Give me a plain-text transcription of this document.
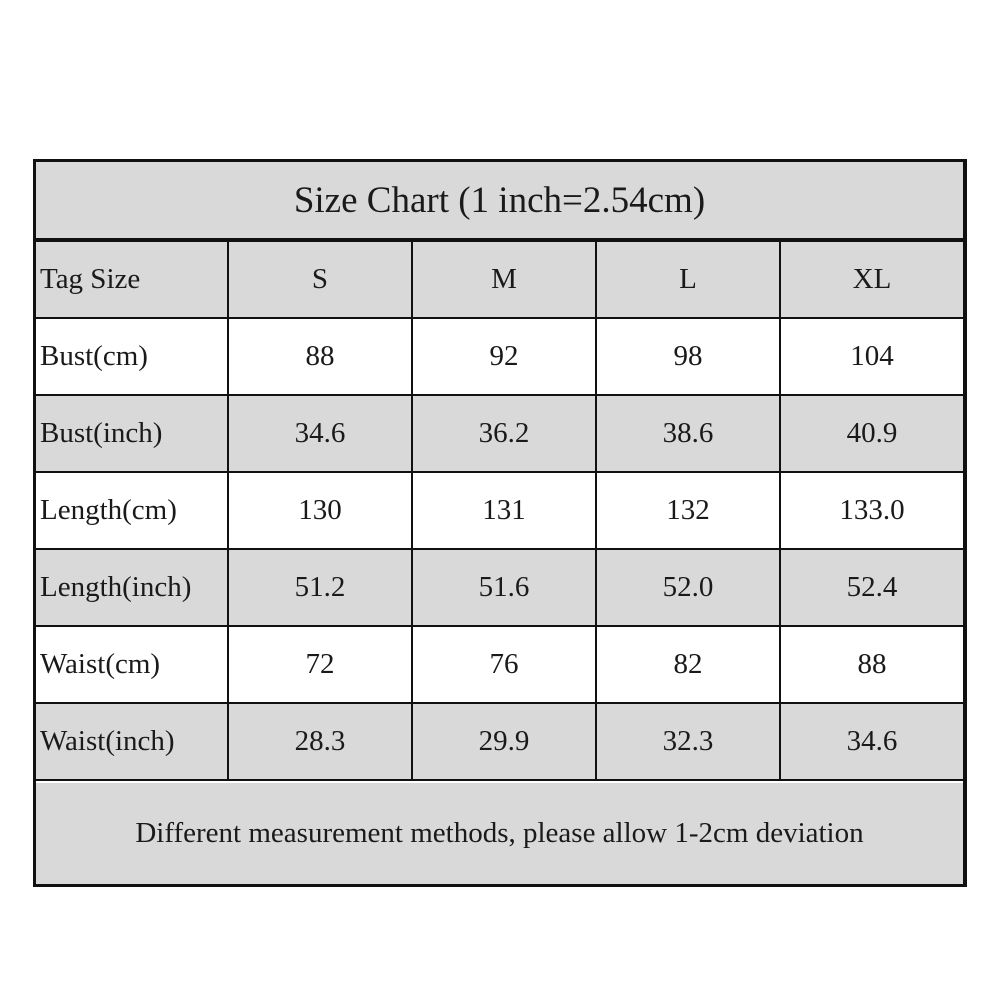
Size Chart (1 inch=2.54cm)
Tag Size	S	M	L	XL
Bust(cm)	88	92	98	104
Bust(inch)	34.6	36.2	38.6	40.9
Length(cm)	130	131	132	133.0
Length(inch)	51.2	51.6	52.0	52.4
Waist(cm)	72	76	82	88
Waist(inch)	28.3	29.9	32.3	34.6
Different measurement methods, please allow 1-2cm deviation
